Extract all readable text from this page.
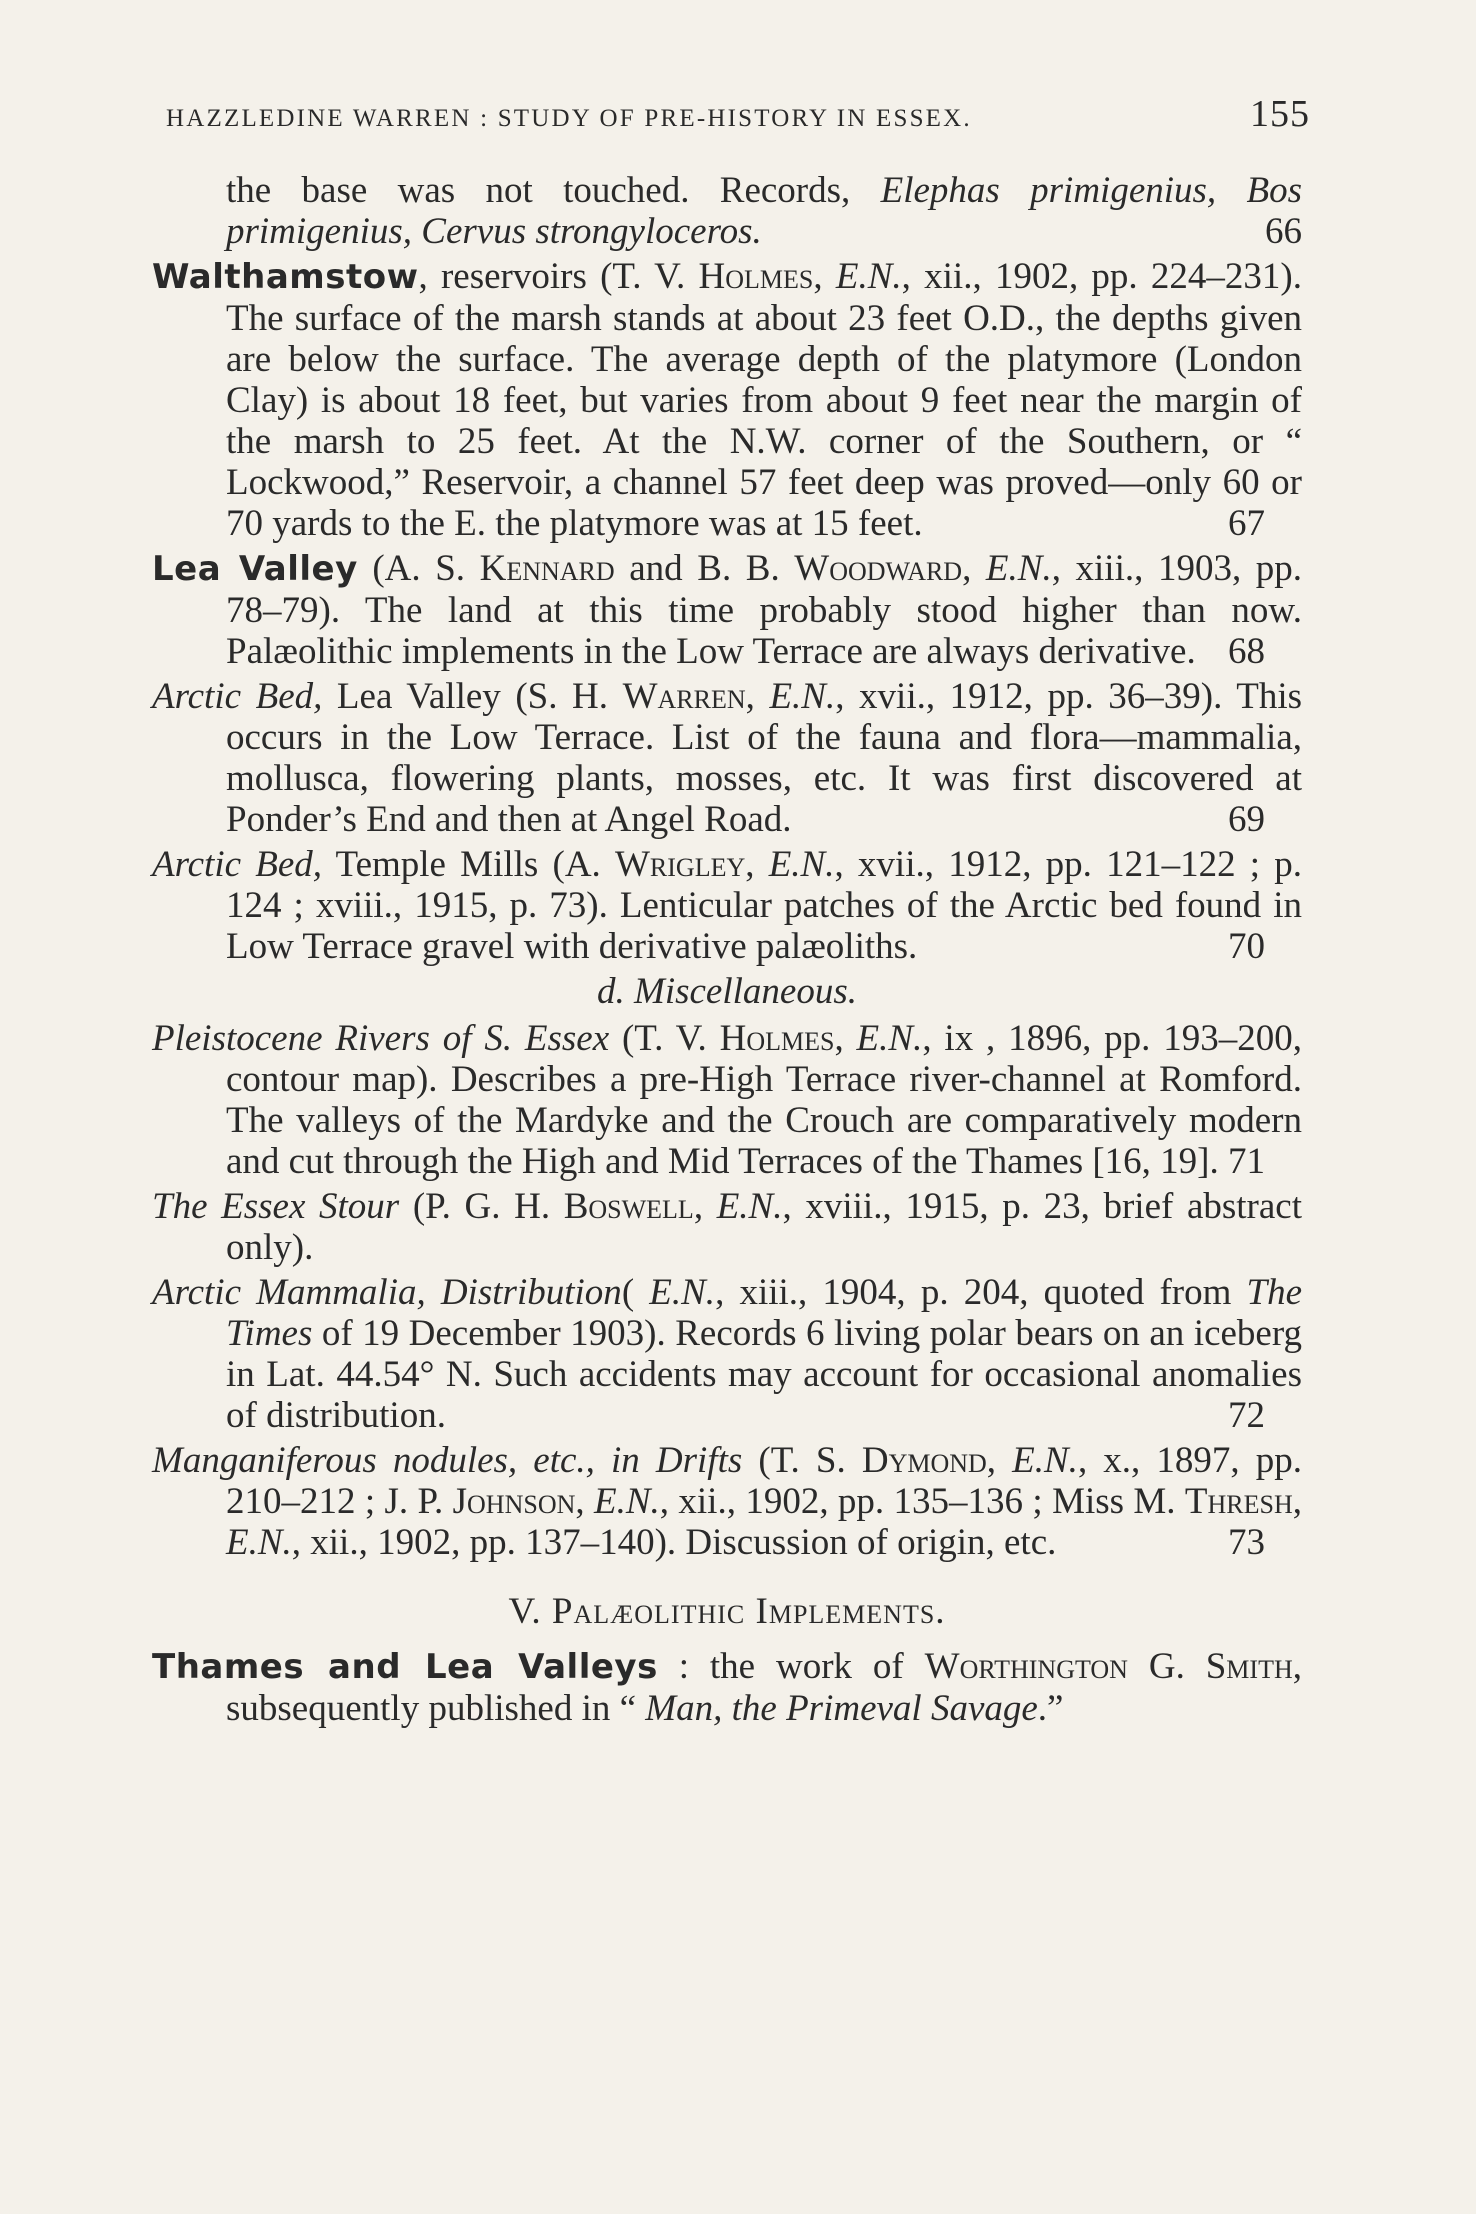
HAZZLEDINE WARREN : STUDY OF PRE-HISTORY IN ESSEX.	155

the base was not touched. Records, Elephas primigenius, Bos primigenius, Cervus strongyloceros.	66

Walthamstow, reservoirs (T. V. Holmes, E.N., xii., 1902, pp. 224–231). The surface of the marsh stands at about 23 feet O.D., the depths given are below the surface. The average depth of the platymore (London Clay) is about 18 feet, but varies from about 9 feet near the margin of the marsh to 25 feet. At the N.W. corner of the Southern, or “ Lockwood,” Reservoir, a channel 57 feet deep was proved—only 60 or 70 yards to the E. the platymore was at 15 feet.	67

Lea Valley (A. S. Kennard and B. B. Woodward, E.N., xiii., 1903, pp. 78–79). The land at this time probably stood higher than now. Palæolithic implements in the Low Terrace are always derivative. 68

Arctic Bed, Lea Valley (S. H. Warren, E.N., xvii., 1912, pp. 36–39). This occurs in the Low Terrace. List of the fauna and flora—mammalia, mollusca, flowering plants, mosses, etc. It was first discovered at Ponder’s End and then at Angel Road.	69

Arctic Bed, Temple Mills (A. Wrigley, E.N., xvii., 1912, pp. 121–122 ; p. 124 ; xviii., 1915, p. 73). Lenticular patches of the Arctic bed found in Low Terrace gravel with derivative palæoliths.	70

d. Miscellaneous.

Pleistocene Rivers of S. Essex (T. V. Holmes, E.N., ix , 1896, pp. 193–200, contour map). Describes a pre-High Terrace river-channel at Romford. The valleys of the Mardyke and the Crouch are comparatively modern and cut through the High and Mid Terraces of the Thames [16, 19]. 71

The Essex Stour (P. G. H. Boswell, E.N., xviii., 1915, p. 23, brief abstract only).

Arctic Mammalia, Distribution( E.N., xiii., 1904, p. 204, quoted from The Times of 19 December 1903). Records 6 living polar bears on an iceberg in Lat. 44.54° N. Such accidents may account for occasional anomalies of distribution.	72

Manganiferous nodules, etc., in Drifts (T. S. Dymond, E.N., x., 1897, pp. 210–212 ; J. P. Johnson, E.N., xii., 1902, pp. 135–136 ; Miss M. Thresh, E.N., xii., 1902, pp. 137–140). Discussion of origin, etc.	73

V. Palæolithic Implements.

Thames and Lea Valleys : the work of Worthington G. Smith, subsequently published in “ Man, the Primeval Savage.”
